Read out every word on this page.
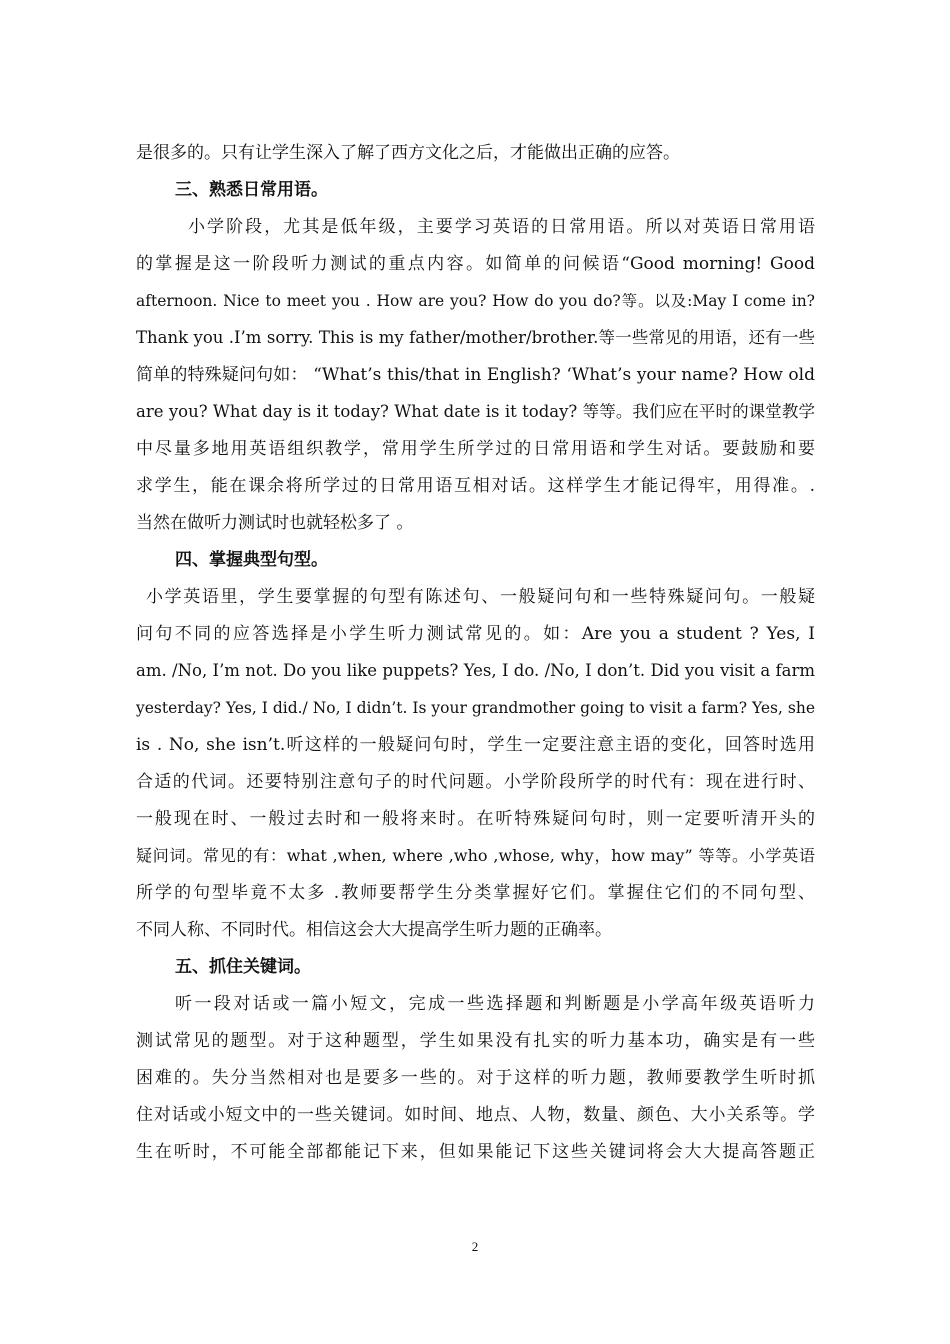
是很多的。只有让学生深入了解了西方文化之后，才能做出正确的应答。
三、熟悉日常用语。
小学阶段，尤其是低年级，主要学习英语的日常用语。所以对英语日常用语
的掌握是这一阶段听力测试的重点内容。如简单的问候语“Good morning! Good
afternoon. Nice to meet you . How are you? How do you do?等。以及:May I come in?
Thank you .I’m sorry. This is my father/mother/brother.等一些常见的用语，还有一些
简单的特殊疑问句如： “What’s this/that in English? ‘What’s your name? How old
are you? What day is it today? What date is it today? 等等。我们应在平时的课堂教学
中尽量多地用英语组织教学，常用学生所学过的日常用语和学生对话。要鼓励和要
求学生，能在课余将所学过的日常用语互相对话。这样学生才能记得牢，用得准。.
当然在做听力测试时也就轻松多了 。
四、掌握典型句型。
小学英语里，学生要掌握的句型有陈述句、一般疑问句和一些特殊疑问句。一般疑
问句不同的应答选择是小学生听力测试常见的。如：Are you a student ? Yes, I
am. /No, I’m not. Do you like puppets? Yes, I do. /No, I don’t. Did you visit a farm
yesterday? Yes, I did./ No, I didn’t. Is your grandmother going to visit a farm? Yes, she
is . No, she isn’t.听这样的一般疑问句时，学生一定要注意主语的变化，回答时选用
合适的代词。还要特别注意句子的时代问题。小学阶段所学的时代有：现在进行时、
一般现在时、一般过去时和一般将来时。在听特殊疑问句时，则一定要听清开头的
疑问词。常见的有：what ,when, where ,who ,whose, why，how may” 等等。小学英语
所学的句型毕竟不太多 .教师要帮学生分类掌握好它们。掌握住它们的不同句型、
不同人称、不同时代。相信这会大大提高学生听力题的正确率。
五、抓住关键词。
听一段对话或一篇小短文，完成一些选择题和判断题是小学高年级英语听力
测试常见的题型。对于这种题型，学生如果没有扎实的听力基本功，确实是有一些
困难的。失分当然相对也是要多一些的。对于这样的听力题，教师要教学生听时抓
住对话或小短文中的一些关键词。如时间、地点、人物，数量、颜色、大小关系等。学
生在听时，不可能全部都能记下来，但如果能记下这些关键词将会大大提高答题正
2
